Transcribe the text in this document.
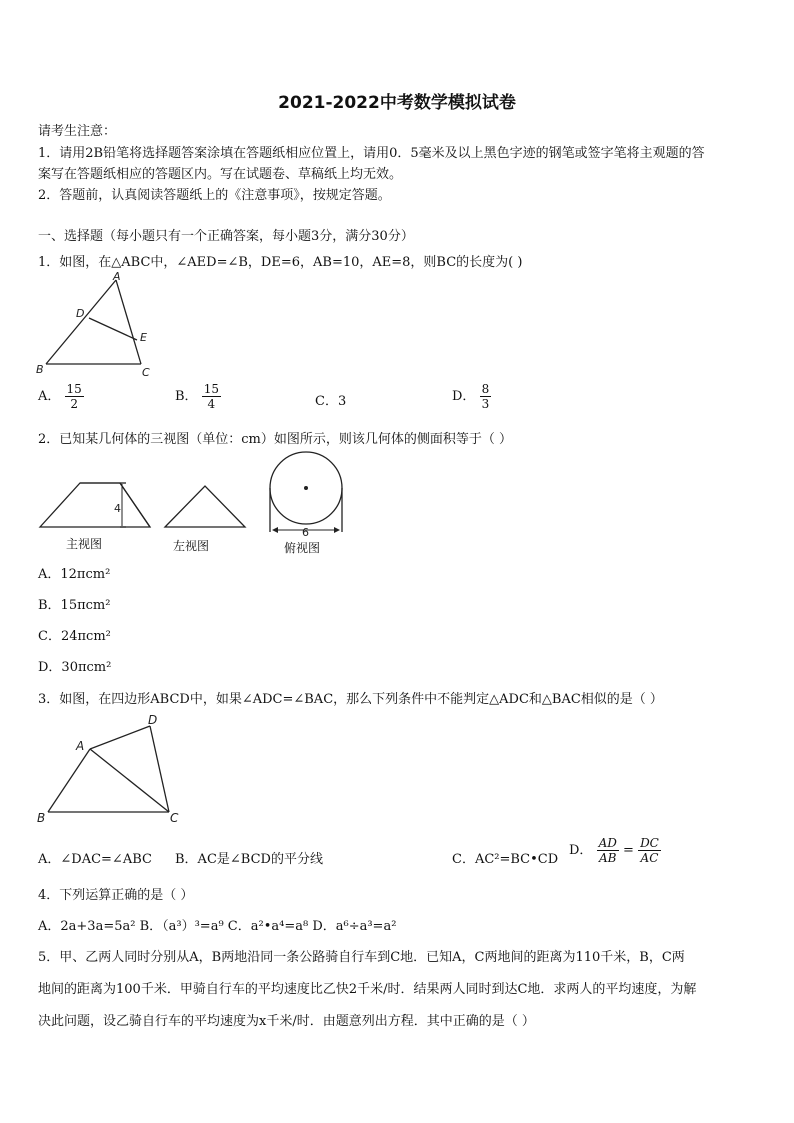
2021-2022中考数学模拟试卷
请考生注意：
1．请用2B铅笔将选择题答案涂填在答题纸相应位置上，请用0．5毫米及以上黑色字迹的钢笔或签字笔将主观题的答
案写在答题纸相应的答题区内。写在试题卷、草稿纸上均无效。
2．答题前，认真阅读答题纸上的《注意事项》，按规定答题。
一、选择题（每小题只有一个正确答案，每小题3分，满分30分）
1．如图，在△ABC中，∠AED=∠B，DE=6，AB=10，AE=8，则BC的长度为( )
A
D
E
B	C
A． $\frac{15}{2}$	B． $\frac{15}{4}$	C．3	D． $\frac{8}{3}$
2．已知某几何体的三视图（单位：cm）如图所示，则该几何体的侧面积等于（ ）
4
6
主视图	左视图	俯视图
A．12πcm²
B．15πcm²
C．24πcm²
D．30πcm²
3．如图，在四边形ABCD中，如果∠ADC=∠BAC，那么下列条件中不能判定△ADC和△BAC相似的是（ ）
D
A
B	C
A．∠DAC=∠ABC B．AC是∠BCD的平分线	C．AC²=BC•CD
D． $\frac{AD}{AB} = \frac{DC}{AC}$
4．下列运算正确的是（ ）
A．2a+3a=5a² B．（a³）³=a⁹ C．a²•a⁴=a⁸ D．a⁶÷a³=a²
5．甲、乙两人同时分别从A，B两地沿同一条公路骑自行车到C地．已知A，C两地间的距离为110千米，B，C两
地间的距离为100千米．甲骑自行车的平均速度比乙快2千米/时．结果两人同时到达C地．求两人的平均速度，为解
决此问题，设乙骑自行车的平均速度为x千米/时．由题意列出方程．其中正确的是（ ）
